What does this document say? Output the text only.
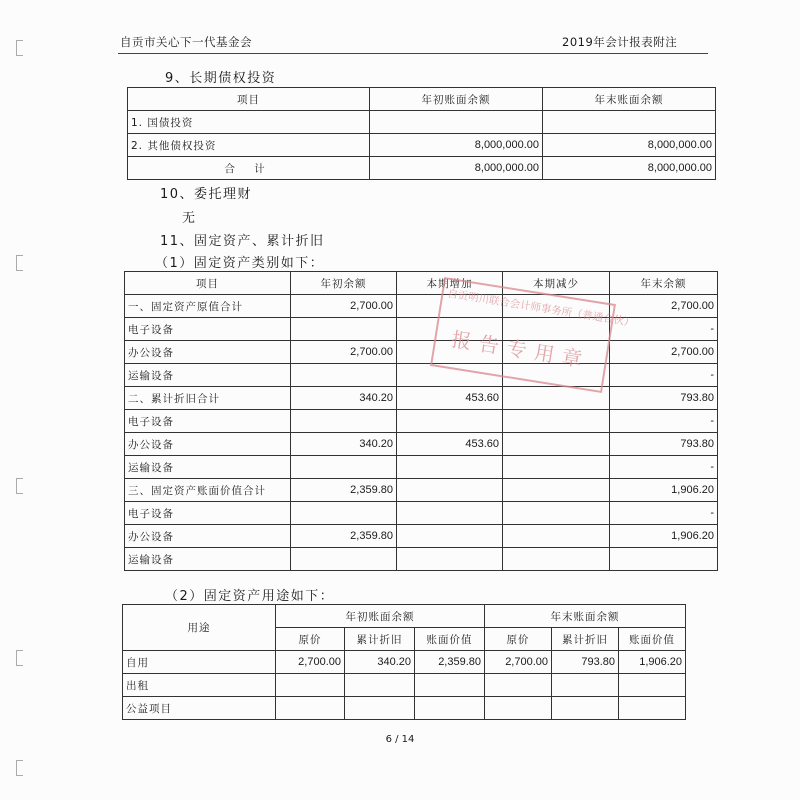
自贡市关心下一代基金会	2019年会计报表附注
9、长期债权投资
项目	年初账面余额	年末账面余额
1. 国债投资		
2. 其他债权投资	8,000,000.00	8,000,000.00
合 计	8,000,000.00	8,000,000.00
10、委托理财
无
11、固定资产、累计折旧
（1）固定资产类别如下：
项目	年初余额	本期增加	本期减少	年末余额
一、固定资产原值合计	2,700.00			2,700.00
电子设备				-
办公设备	2,700.00			2,700.00
运输设备				-
二、累计折旧合计	340.20	453.60		793.80
电子设备				-
办公设备	340.20	453.60		793.80
运输设备				-
三、固定资产账面价值合计	2,359.80			1,906.20
电子设备				-
办公设备	2,359.80			1,906.20
运输设备				
自贡明川联合会计师事务所（普通合伙）
报告专用章
（2）固定资产用途如下：
用途	年初账面余额			年末账面余额		
	原价	累计折旧	账面价值	原价	累计折旧	账面价值
自用	2,700.00	340.20	2,359.80	2,700.00	793.80	1,906.20
出租						
公益项目						
6 / 14
